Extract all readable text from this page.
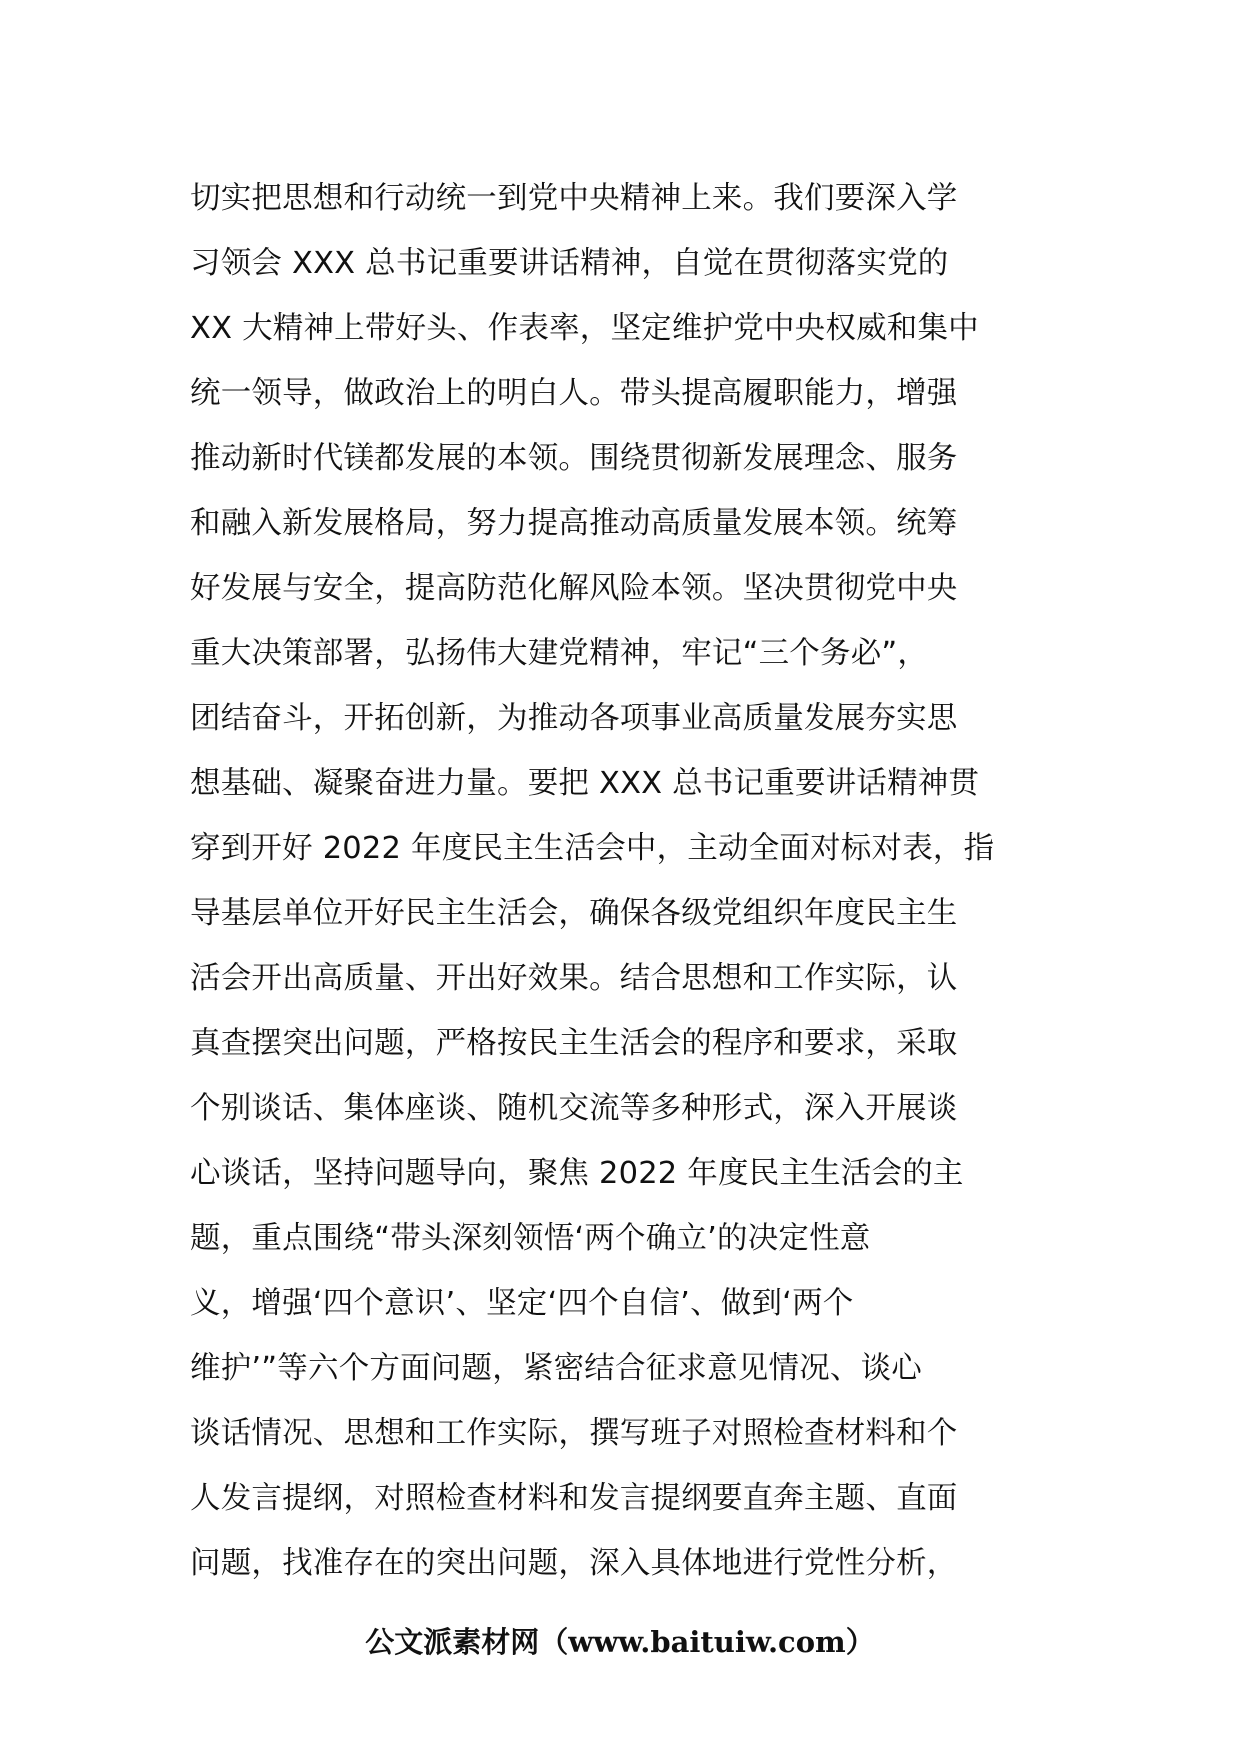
切实把思想和行动统一到党中央精神上来。我们要深入学
习领会 XXX 总书记重要讲话精神，自觉在贯彻落实党的
XX 大精神上带好头、作表率，坚定维护党中央权威和集中
统一领导，做政治上的明白人。带头提高履职能力，增强
推动新时代镁都发展的本领。围绕贯彻新发展理念、服务
和融入新发展格局，努力提高推动高质量发展本领。统筹
好发展与安全，提高防范化解风险本领。坚决贯彻党中央
重大决策部署，弘扬伟大建党精神，牢记“三个务必”，
团结奋斗，开拓创新，为推动各项事业高质量发展夯实思
想基础、凝聚奋进力量。要把 XXX 总书记重要讲话精神贯
穿到开好 2022 年度民主生活会中，主动全面对标对表，指
导基层单位开好民主生活会，确保各级党组织年度民主生
活会开出高质量、开出好效果。结合思想和工作实际，认
真查摆突出问题，严格按民主生活会的程序和要求，采取
个别谈话、集体座谈、随机交流等多种形式，深入开展谈
心谈话，坚持问题导向，聚焦 2022 年度民主生活会的主
题，重点围绕“带头深刻领悟‘两个确立’的决定性意
义，增强‘四个意识’、坚定‘四个自信’、做到‘两个
维护’”等六个方面问题，紧密结合征求意见情况、谈心
谈话情况、思想和工作实际，撰写班子对照检查材料和个
人发言提纲，对照检查材料和发言提纲要直奔主题、直面
问题，找准存在的突出问题，深入具体地进行党性分析，
公文派素材网（www.baituiw.com）
